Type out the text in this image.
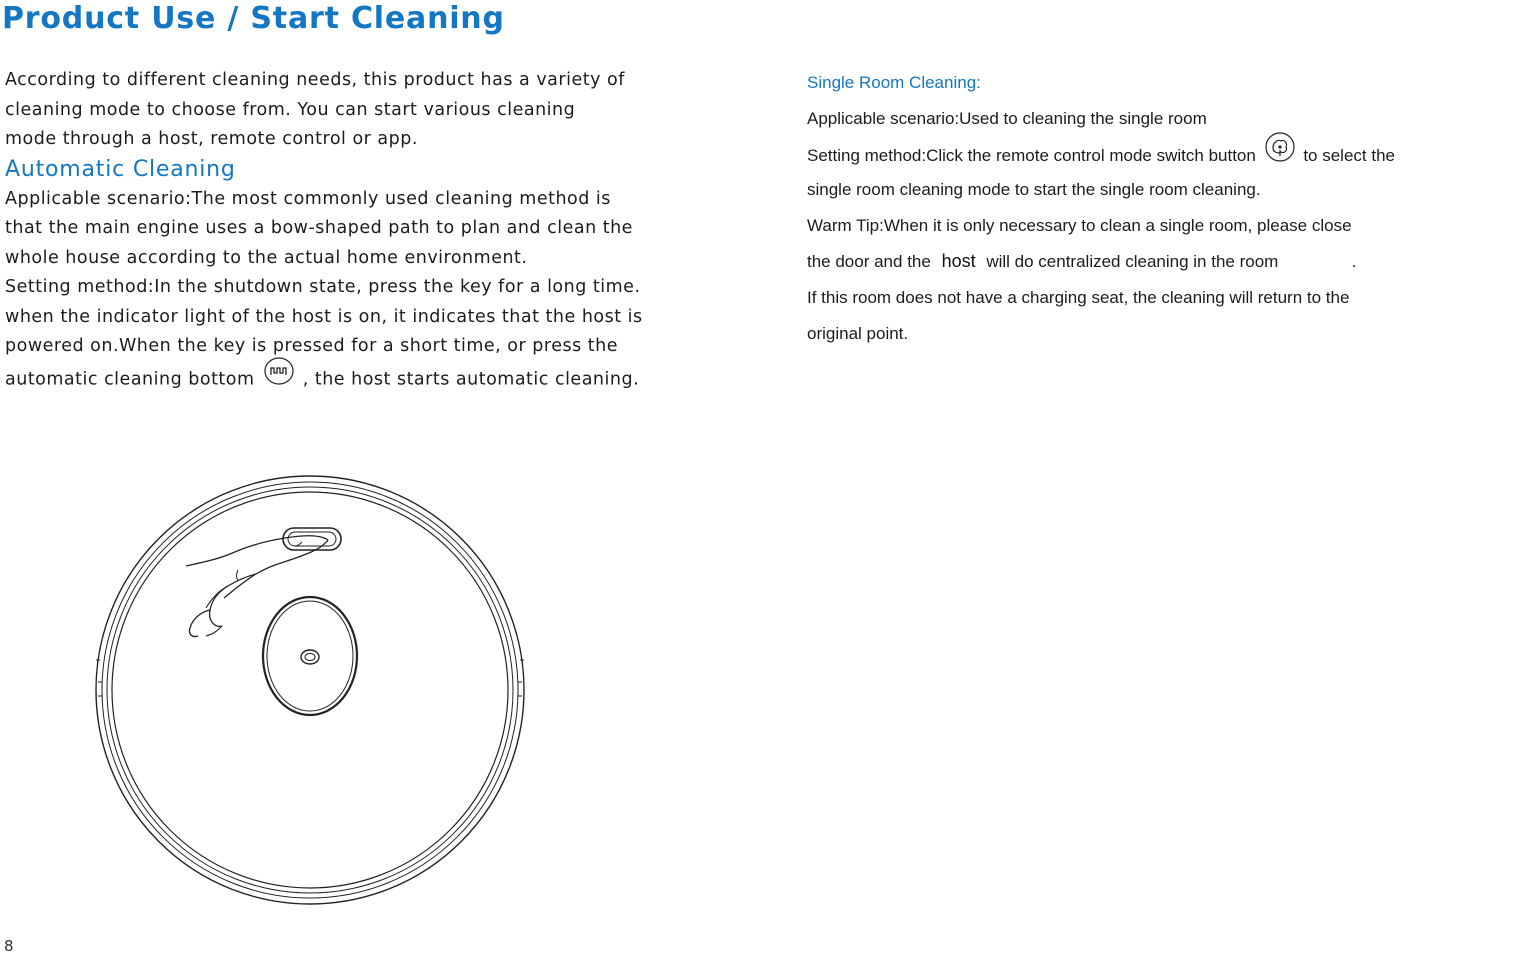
Product Use / Start Cleaning
According to different cleaning needs, this product has a variety of
cleaning mode to choose from. You can start various cleaning
mode through a host, remote control or app.
Automatic Cleaning
Applicable scenario:The most commonly used cleaning method is
that the main engine uses a bow-shaped path to plan and clean the
whole house according to the actual home environment.
Setting method:In the shutdown state, press the key for a long time.
when the indicator light of the host is on, it indicates that the host is
powered on.When the key is pressed for a short time, or press the
automatic cleaning bottom	, the host starts automatic cleaning.
Single Room Cleaning:
Applicable scenario:Used to cleaning the single room
Setting method:Click the remote control mode switch button	to select the
single room cleaning mode to start the single room cleaning.
Warm Tip:When it is only necessary to clean a single room, please close
the door and the host will do centralized cleaning in the room	.
If this room does not have a charging seat, the cleaning will return to the
original point.
8
